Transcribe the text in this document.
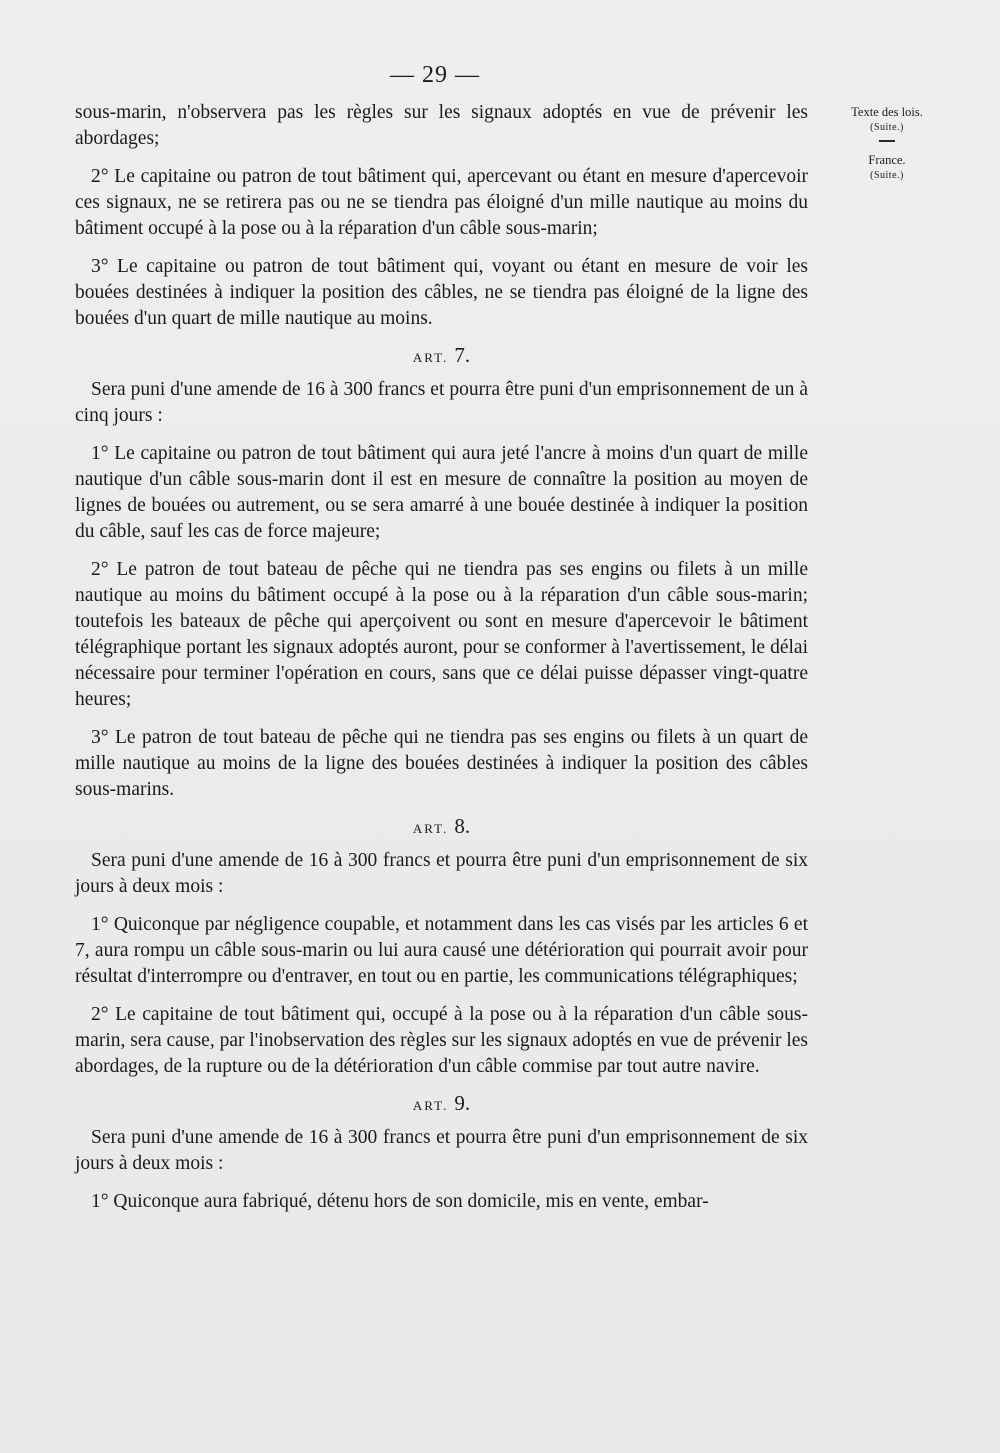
— 29 —
Texte des lois.
(Suite.)
France.
(Suite.)

sous-marin, n'observera pas les règles sur les signaux adoptés en vue de prévenir les abordages;

2° Le capitaine ou patron de tout bâtiment qui, apercevant ou étant en mesure d'apercevoir ces signaux, ne se retirera pas ou ne se tiendra pas éloigné d'un mille nautique au moins du bâtiment occupé à la pose ou à la réparation d'un câble sous-marin;

3° Le capitaine ou patron de tout bâtiment qui, voyant ou étant en mesure de voir les bouées destinées à indiquer la position des câbles, ne se tiendra pas éloigné de la ligne des bouées d'un quart de mille nautique au moins.

ART. 7.

Sera puni d'une amende de 16 à 300 francs et pourra être puni d'un emprisonnement de un à cinq jours :

1° Le capitaine ou patron de tout bâtiment qui aura jeté l'ancre à moins d'un quart de mille nautique d'un câble sous-marin dont il est en mesure de connaître la position au moyen de lignes de bouées ou autrement, ou se sera amarré à une bouée destinée à indiquer la position du câble, sauf les cas de force majeure;

2° Le patron de tout bateau de pêche qui ne tiendra pas ses engins ou filets à un mille nautique au moins du bâtiment occupé à la pose ou à la réparation d'un câble sous-marin; toutefois les bateaux de pêche qui aperçoivent ou sont en mesure d'apercevoir le bâtiment télégraphique portant les signaux adoptés auront, pour se conformer à l'avertissement, le délai nécessaire pour terminer l'opération en cours, sans que ce délai puisse dépasser vingt-quatre heures;

3° Le patron de tout bateau de pêche qui ne tiendra pas ses engins ou filets à un quart de mille nautique au moins de la ligne des bouées destinées à indiquer la position des câbles sous-marins.

ART. 8.

Sera puni d'une amende de 16 à 300 francs et pourra être puni d'un emprisonnement de six jours à deux mois :

1° Quiconque par négligence coupable, et notamment dans les cas visés par les articles 6 et 7, aura rompu un câble sous-marin ou lui aura causé une détérioration qui pourrait avoir pour résultat d'interrompre ou d'entraver, en tout ou en partie, les communications télégraphiques;

2° Le capitaine de tout bâtiment qui, occupé à la pose ou à la réparation d'un câble sous-marin, sera cause, par l'inobservation des règles sur les signaux adoptés en vue de prévenir les abordages, de la rupture ou de la détérioration d'un câble commise par tout autre navire.

ART. 9.

Sera puni d'une amende de 16 à 300 francs et pourra être puni d'un emprisonnement de six jours à deux mois :

1° Quiconque aura fabriqué, détenu hors de son domicile, mis en vente, embar-
